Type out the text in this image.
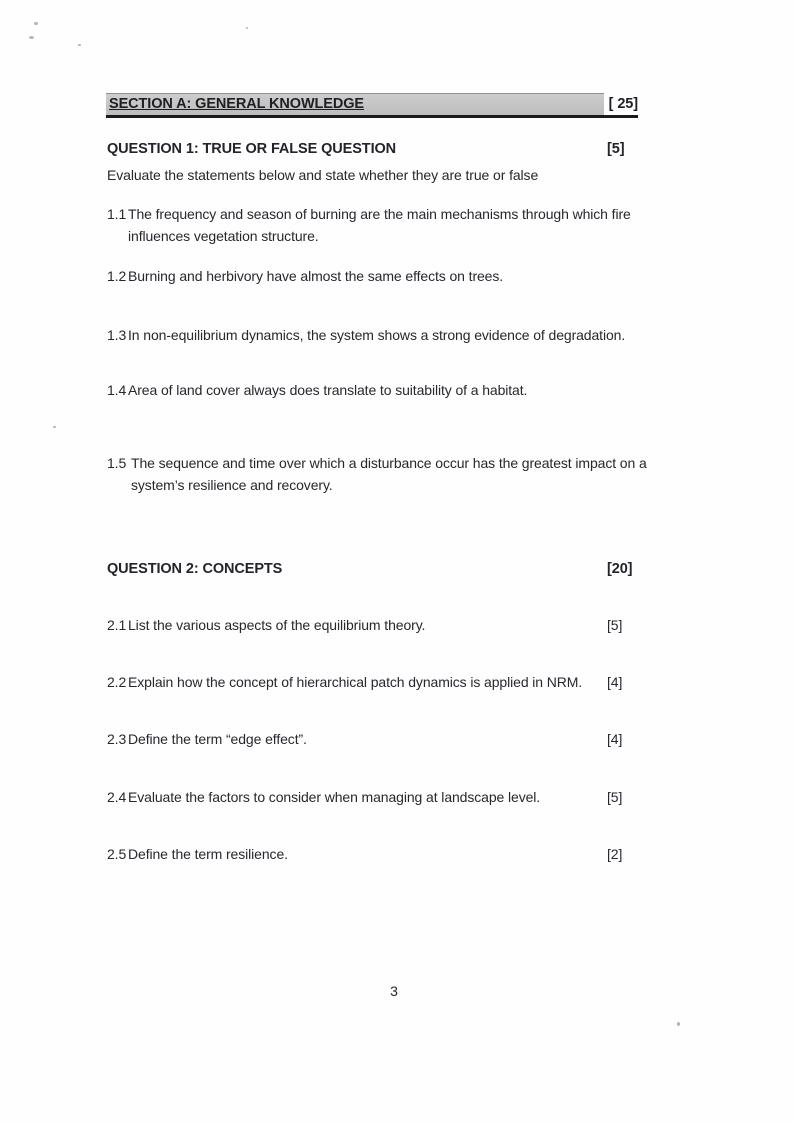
SECTION A: GENERAL KNOWLEDGE	[ 25]
QUESTION 1: TRUE OR FALSE QUESTION	[5]

Evaluate the statements below and state whether they are true or false

1.1 The frequency and season of burning are the main mechanisms through which fire influences vegetation structure.
1.2 Burning and herbivory have almost the same effects on trees.
1.3 In non-equilibrium dynamics, the system shows a strong evidence of degradation.
1.4 Area of land cover always does translate to suitability of a habitat.
1.5 The sequence and time over which a disturbance occur has the greatest impact on a system’s resilience and recovery.
QUESTION 2: CONCEPTS	[20]
2.1 List the various aspects of the equilibrium theory.	[5]
2.2 Explain how the concept of hierarchical patch dynamics is applied in NRM. [4]
2.3 Define the term “edge effect”.	[4]
2.4 Evaluate the factors to consider when managing at landscape level.	[5]
2.5 Define the term resilience.	[2]
3
